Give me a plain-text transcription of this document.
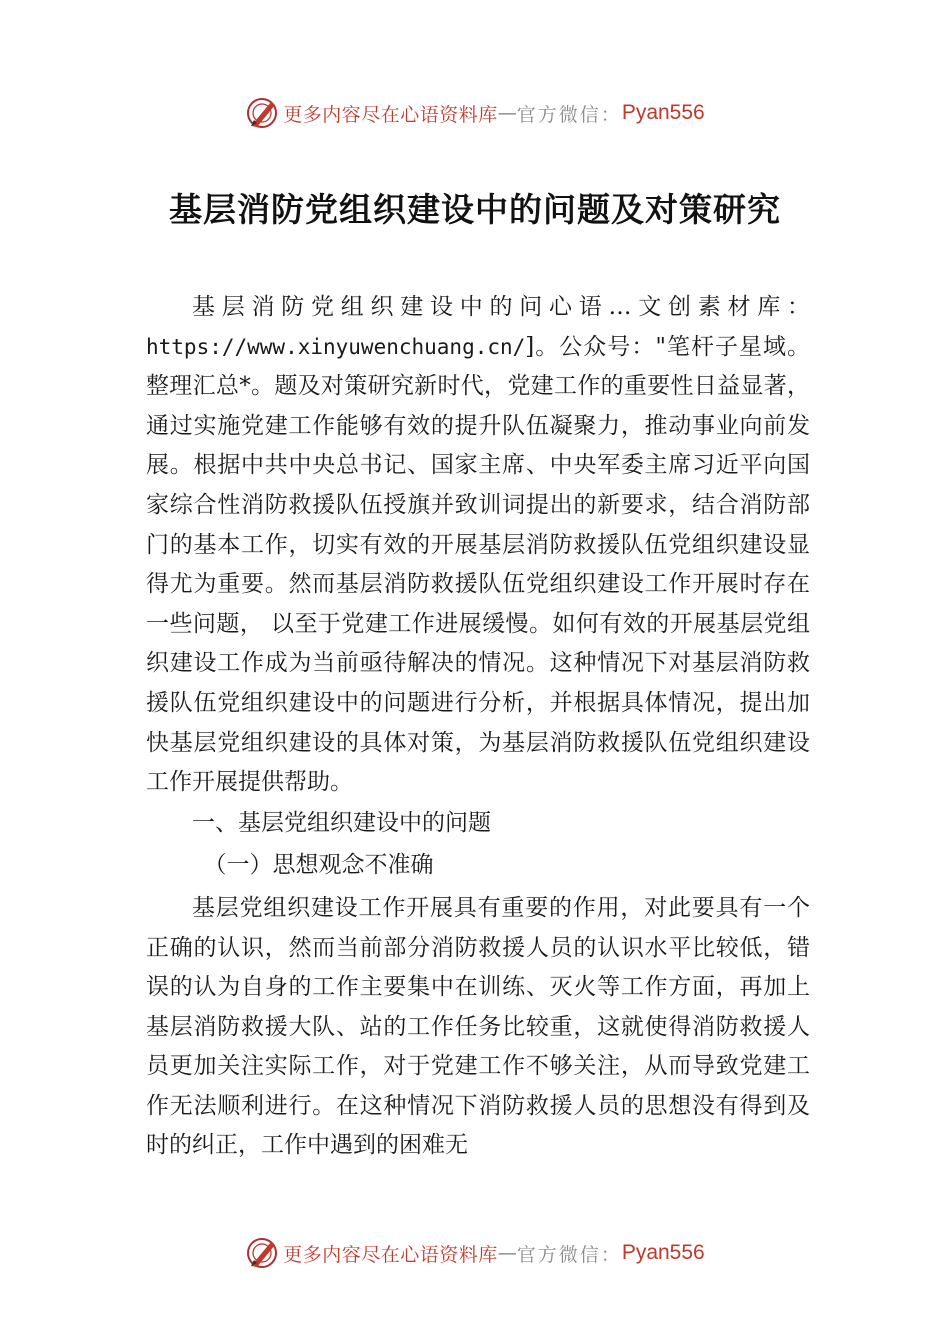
更多内容尽在心语资料库 — 官方微信： Pyan556
基层消防党组织建设中的问题及对策研究

基层消防党组织建设中的问心语…文创素材库：https://www.xinyuwenchuang.cn/]。公众号："笔杆子星域。整理汇总*。题及对策研究新时代，党建工作的重要性日益显著，通过实施党建工作能够有效的提升队伍凝聚力，推动事业向前发展。根据中共中央总书记、国家主席、中央军委主席习近平向国家综合性消防救援队伍授旗并致训词提出的新要求，结合消防部门的基本工作，切实有效的开展基层消防救援队伍党组织建设显得尤为重要。然而基层消防救援队伍党组织建设工作开展时存在一些问题， 以至于党建工作进展缓慢。如何有效的开展基层党组织建设工作成为当前亟待解决的情况。这种情况下对基层消防救援队伍党组织建设中的问题进行分析，并根据具体情况，提出加快基层党组织建设的具体对策，为基层消防救援队伍党组织建设工作开展提供帮助。

一、基层党组织建设中的问题

（一）思想观念不准确

基层党组织建设工作开展具有重要的作用，对此要具有一个正确的认识，然而当前部分消防救援人员的认识水平比较低，错误的认为自身的工作主要集中在训练、灭火等工作方面，再加上基层消防救援大队、站的工作任务比较重，这就使得消防救援人员更加关注实际工作，对于党建工作不够关注，从而导致党建工作无法顺利进行。在这种情况下消防救援人员的思想没有得到及时的纠正，工作中遇到的困难无

更多内容尽在心语资料库 — 官方微信： Pyan556
